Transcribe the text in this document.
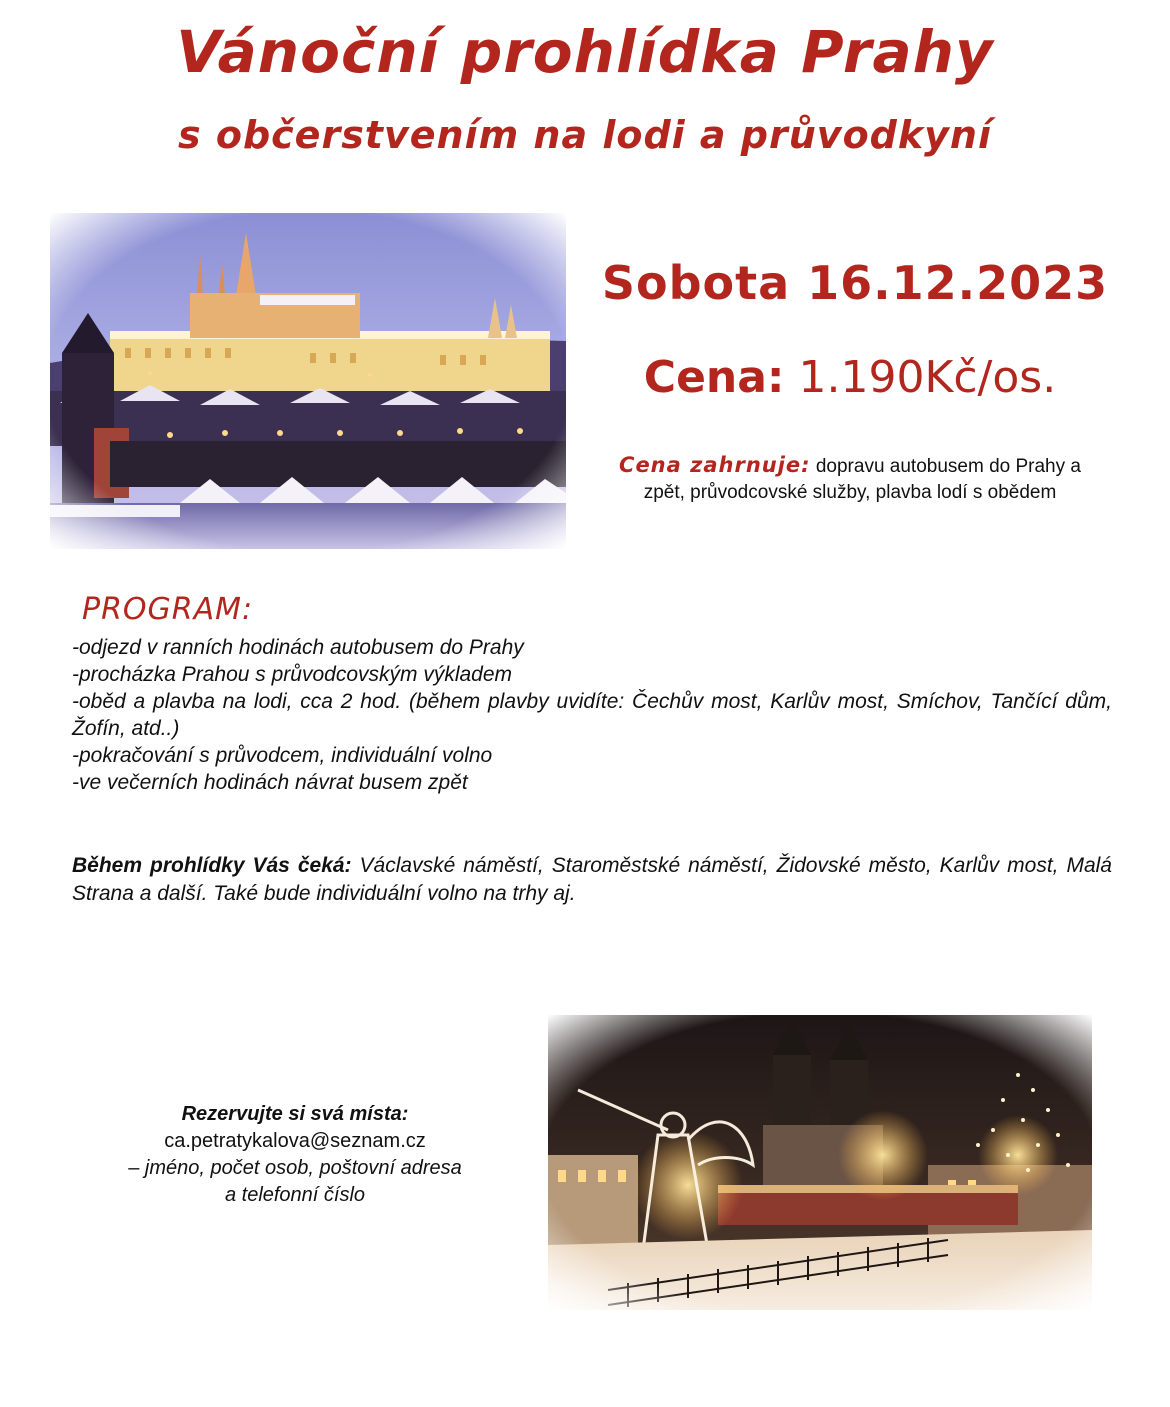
Vánoční prohlídka Prahy
s občerstvením na lodi a průvodkyní
Sobota 16.12.2023
Cena: 1.190Kč/os.
Cena zahrnuje: dopravu autobusem do Prahy a zpět, průvodcovské služby, plavba lodí s obědem
PROGRAM:
-odjezd v ranních hodinách autobusem do Prahy
-procházka Prahou s průvodcovským výkladem
-oběd a plavba na lodi, cca 2 hod. (během plavby uvidíte: Čechův most, Karlův most, Smíchov, Tančící dům, Žofín, atd..)
-pokračování s průvodcem, individuální volno
-ve večerních hodinách návrat busem zpět
Během prohlídky Vás čeká: Václavské náměstí, Staroměstské náměstí, Židovské město, Karlův most, Malá Strana a další. Také bude individuální volno na trhy aj.
Rezervujte si svá místa:
ca.petratykalova@seznam.cz
– jméno, počet osob, poštovní adresa
a telefonní číslo
